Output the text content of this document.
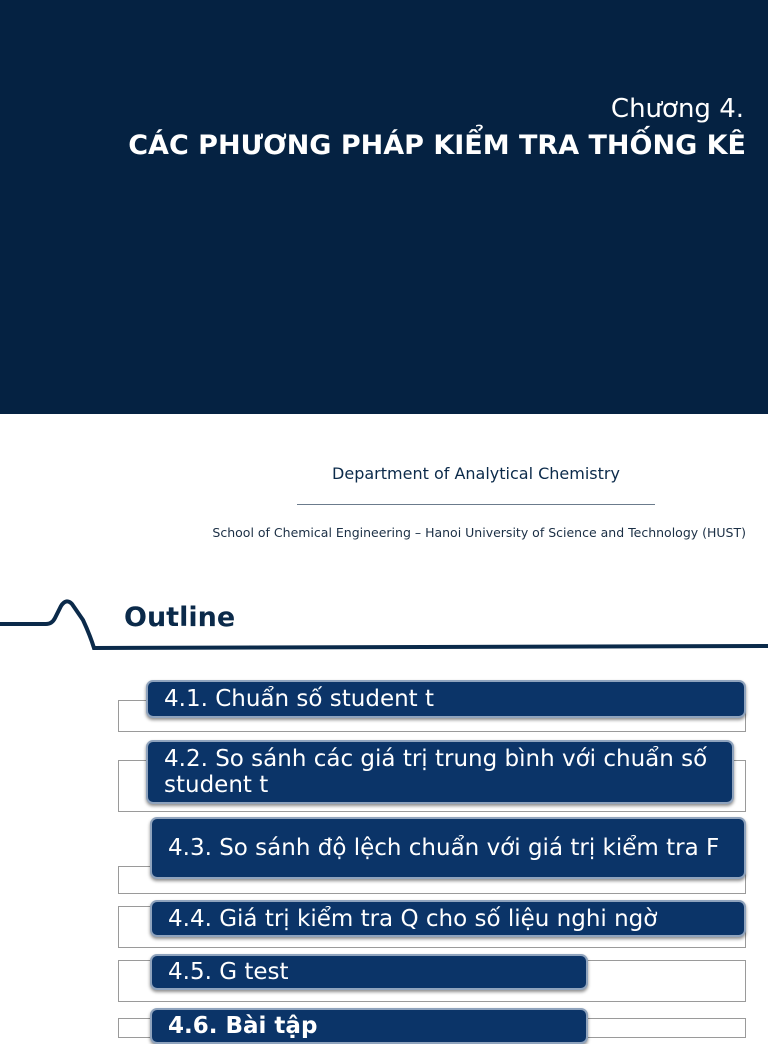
Chương 4.
CÁC PHƯƠNG PHÁP KIỂM TRA THỐNG KÊ
Department of Analytical Chemistry
School of Chemical Engineering – Hanoi University of Science and Technology (HUST)
Outline
4.1. Chuẩn số student t
4.2. So sánh các giá trị trung bình với chuẩn số student t
4.3. So sánh độ lệch chuẩn với giá trị kiểm tra F
4.4. Giá trị kiểm tra Q cho số liệu nghi ngờ
4.5. G test
4.6. Bài tập
